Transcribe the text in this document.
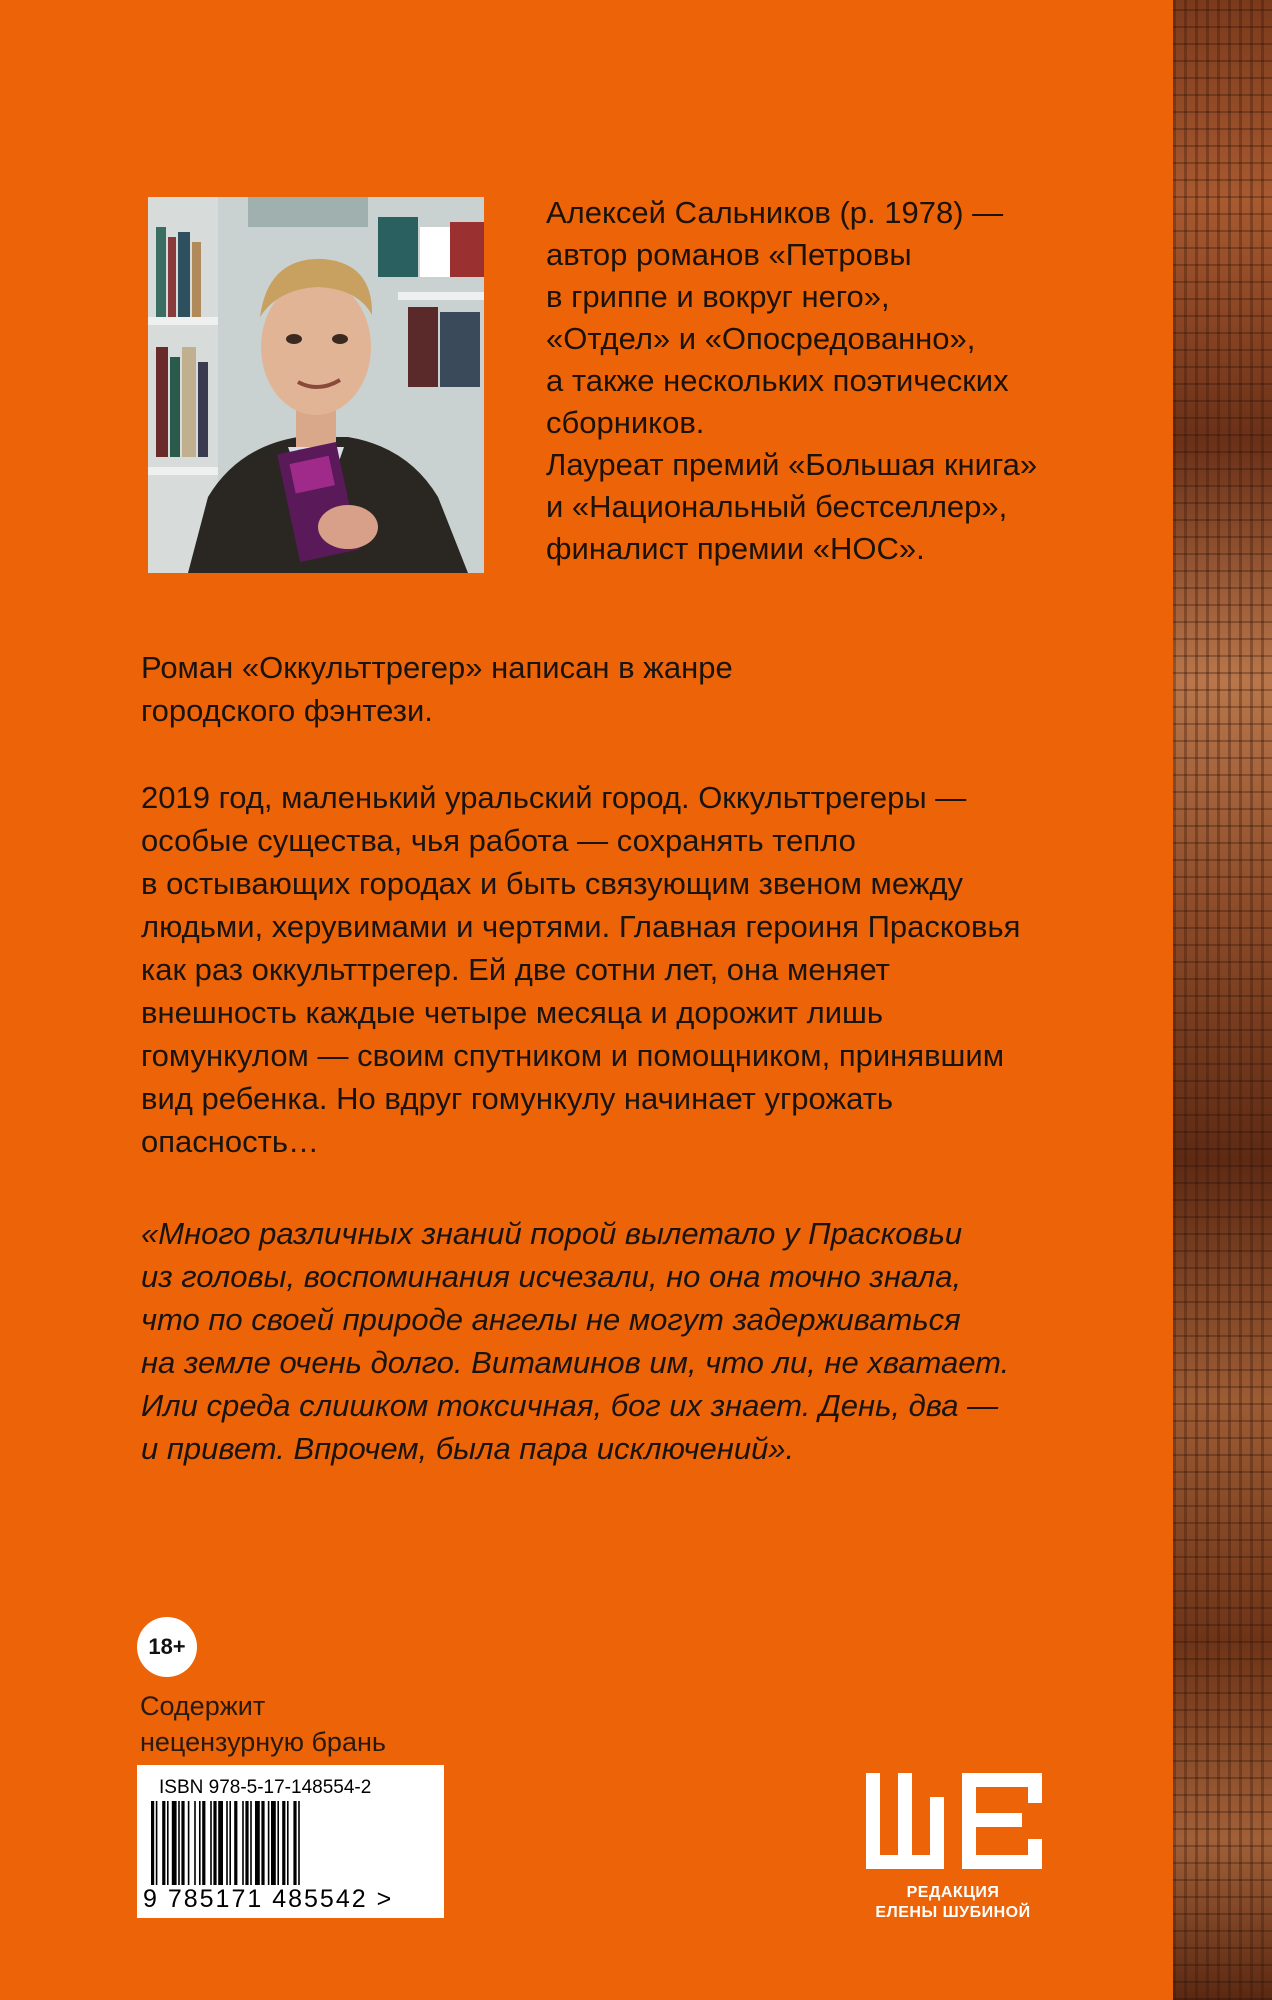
Алексей Сальников (р. 1978) —
автор романов «Петровы
в гриппе и вокруг него»,
«Отдел» и «Опосредованно»,
а также нескольких поэтических
сборников.
Лауреат премий «Большая книга»
и «Национальный бестселлер»,
финалист премии «НОС».
Роман «Оккульттрегер» написан в жанре
городского фэнтези.
2019 год, маленький уральский город. Оккульттрегеры —
особые существа, чья работа — сохранять тепло
в остывающих городах и быть связующим звеном между
людьми, херувимами и чертями. Главная героиня Прасковья
как раз оккульттрегер. Ей две сотни лет, она меняет
внешность каждые четыре месяца и дорожит лишь
гомункулом — своим спутником и помощником, принявшим
вид ребенка. Но вдруг гомункулу начинает угрожать
опасность…
«Много различных знаний порой вылетало у Прасковьи
из головы, воспоминания исчезали, но она точно знала,
что по своей природе ангелы не могут задерживаться
на земле очень долго. Витаминов им, что ли, не хватает.
Или среда слишком токсичная, бог их знает. День, два —
и привет. Впрочем, была пара исключений».
18+
Содержит
нецензурную брань
ISBN 978-5-17-148554-2
9 785171 485542 >	РЕДАКЦИЯ
ЕЛЕНЫ ШУБИНОЙ
